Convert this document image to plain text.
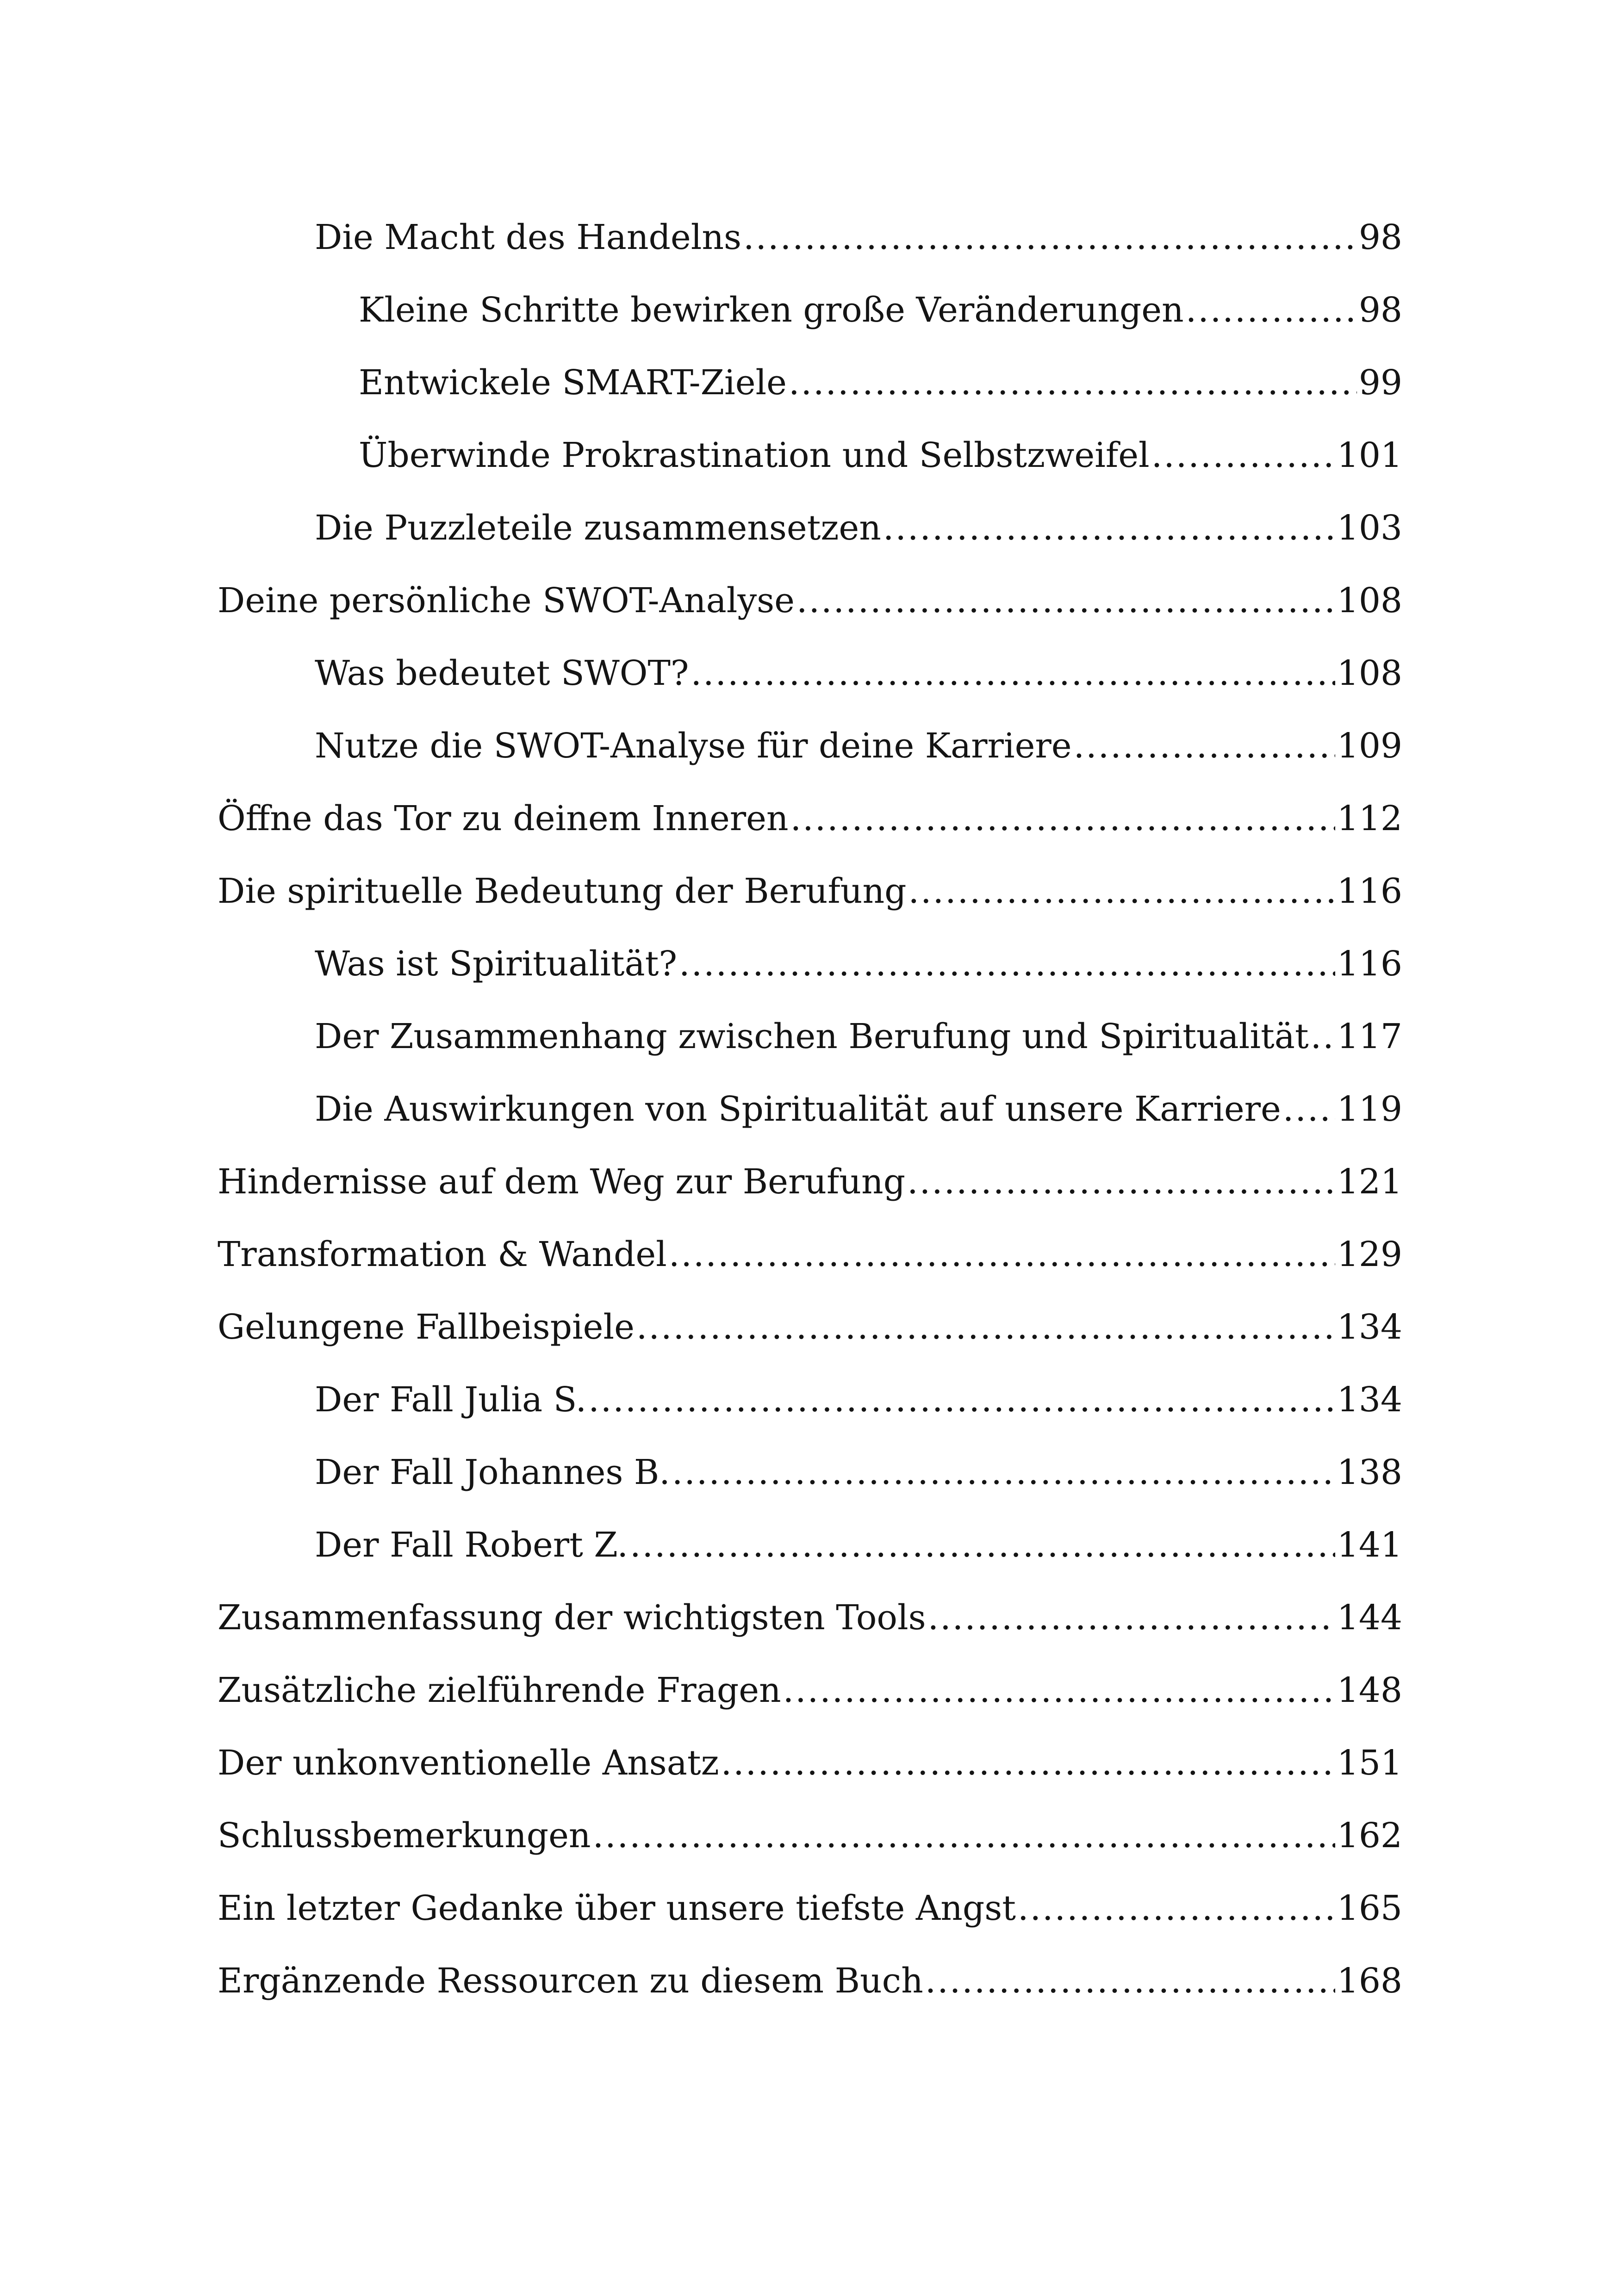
Die Macht des Handelns .....	98
Kleine Schritte bewirken große Veränderungen .....	98
Entwickele SMART-Ziele .....	99
Überwinde Prokrastination und Selbstzweifel .....	101
Die Puzzleteile zusammensetzen .....	103
Deine persönliche SWOT-Analyse .....	108
Was bedeutet SWOT? .....	108
Nutze die SWOT-Analyse für deine Karriere .....	109
Öffne das Tor zu deinem Inneren .....	112
Die spirituelle Bedeutung der Berufung .....	116
Was ist Spiritualität? .....	116
Der Zusammenhang zwischen Berufung und Spiritualität ..... 117
Die Auswirkungen von Spiritualität auf unsere Karriere ..... 119
Hindernisse auf dem Weg zur Berufung .....	121
Transformation & Wandel .....	129
Gelungene Fallbeispiele .....	134
Der Fall Julia S. .....	134
Der Fall Johannes B. .....	138
Der Fall Robert Z. .....	141
Zusammenfassung der wichtigsten Tools .....	144
Zusätzliche zielführende Fragen .....	148
Der unkonventionelle Ansatz .....	151
Schlussbemerkungen .....	162
Ein letzter Gedanke über unsere tiefste Angst .....	165
Ergänzende Ressourcen zu diesem Buch .....	168
